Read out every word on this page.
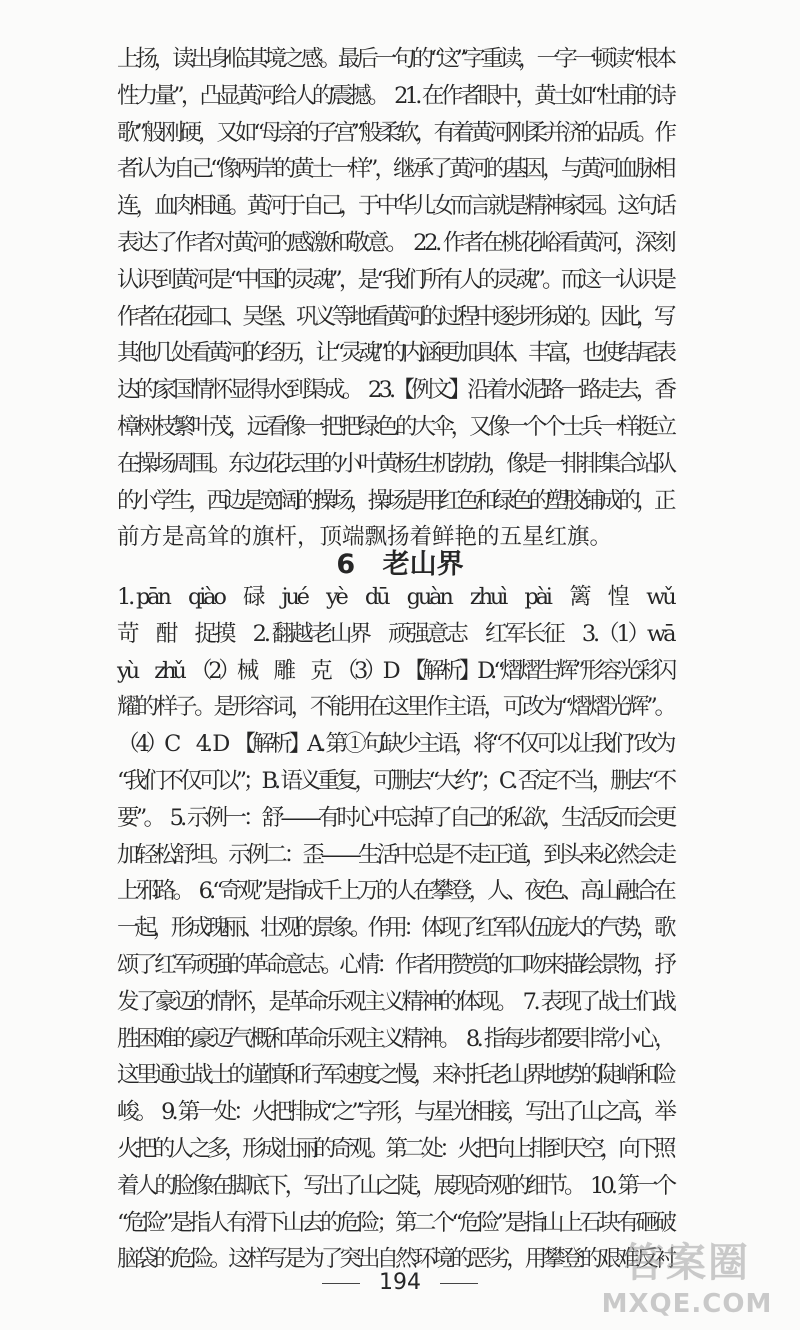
上扬，读出身临其境之感。最后一句的“这”字重读，一字一顿读“根本
性力量”，凸显黄河给人的震撼。　21. 在作者眼中，黄土如“杜甫的诗
歌”般刚硬，又如“母亲的子宫”般柔软，有着黄河刚柔并济的品质。作
者认为自己“像两岸的黄土一样”，继承了黄河的基因，与黄河血脉相
连，血肉相通。黄河于自己，于中华儿女而言就是精神家园。这句话
表达了作者对黄河的感激和敬意。　22. 作者在桃花峪看黄河，深刻
认识到黄河是“中国的灵魂”，是“我们所有人的灵魂”。而这一认识是
作者在花园口、吴堡、巩义等地看黄河的过程中逐步形成的。因此，写
其他几处看黄河的经历，让“灵魂”的内涵更加具体、丰富，也使结尾表
达的家国情怀显得水到渠成。　23.【例文】沿着水泥路一路走去，香
樟树枝繁叶茂，远看像一把把绿色的大伞，又像一个个士兵一样挺立
在操场周围。东边花坛里的小叶黄杨生机勃勃，像是一排排集合站队
的小学生，西边是宽阔的操场，操场是用红色和绿色的塑胶铺成的，正
前方是高耸的旗杆，顶端飘扬着鲜艳的五星红旗。
6 老山界
1. pān　qiào　碌　jué　yè　dū　guàn　zhuì　pài　篱　惶　wǔ
苛　酣　捉摸　2. 翻越老山界　顽强意志　红军长征　3.（1）wā
yù　zhǔ　（2）械　雕　克　（3）D　【解析】D.“熠熠生辉”形容光彩闪
耀的样子。是形容词，不能用在这里作主语，可改为“熠熠光辉”。
（4）C　4. D　【解析】A. 第①句缺少主语，将“不仅可以让我们”改为
“我们不仅可以”；B. 语义重复，可删去“大约”；C. 否定不当，删去“不
要”。　5. 示例一：舒——有时心中忘掉了自己的私欲，生活反而会更
加轻松舒坦。示例二：歪——生活中总是不走正道，到头来必然会走
上邪路。　6.“奇观”是指成千上万的人在攀登，人、夜色、高山融合在
一起，形成瑰丽、壮观的景象。作用：体现了红军队伍庞大的气势，歌
颂了红军顽强的革命意志。心情：作者用赞赏的口吻来描绘景物，抒
发了豪迈的情怀，是革命乐观主义精神的体现。　7. 表现了战士们战
胜困难的豪迈气概和革命乐观主义精神。　8. 指每步都要非常小心，
这里通过战士的谨慎和行军速度之慢，来衬托老山界地势的陡峭和险
峻。　9. 第一处：火把排成“之”字形，与星光相接，写出了山之高，举
火把的人之多，形成壮丽的奇观。第二处：火把向上排到天空，向下照
着人的脸像在脚底下，写出了山之陡，展现奇观的细节。　10. 第一个
“危险”是指人有滑下山去的危险；第二个“危险”是指山上石块有砸破
脑袋的危险。这样写是为了突出自然环境的恶劣，用攀登的艰难反衬
194	答案圈
MXQE.COM
